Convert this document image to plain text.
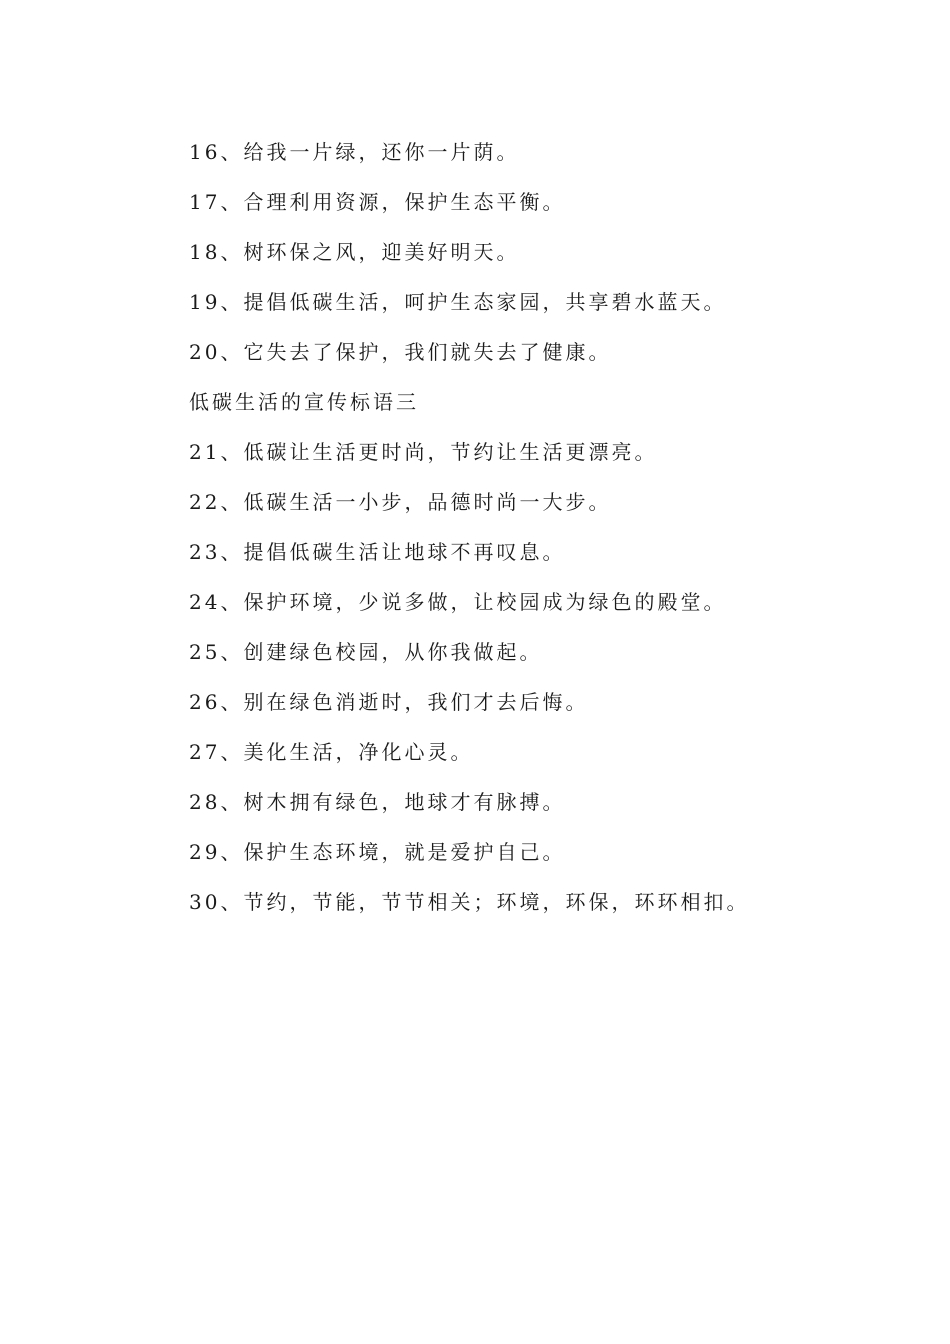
16、给我一片绿，还你一片荫。
17、合理利用资源，保护生态平衡。
18、树环保之风，迎美好明天。
19、提倡低碳生活，呵护生态家园，共享碧水蓝天。
20、它失去了保护，我们就失去了健康。
低碳生活的宣传标语三
21、低碳让生活更时尚，节约让生活更漂亮。
22、低碳生活一小步，品德时尚一大步。
23、提倡低碳生活让地球不再叹息。
24、保护环境，少说多做，让校园成为绿色的殿堂。
25、创建绿色校园，从你我做起。
26、别在绿色消逝时，我们才去后悔。
27、美化生活，净化心灵。
28、树木拥有绿色，地球才有脉搏。
29、保护生态环境，就是爱护自己。
30、节约，节能，节节相关；环境，环保，环环相扣。
